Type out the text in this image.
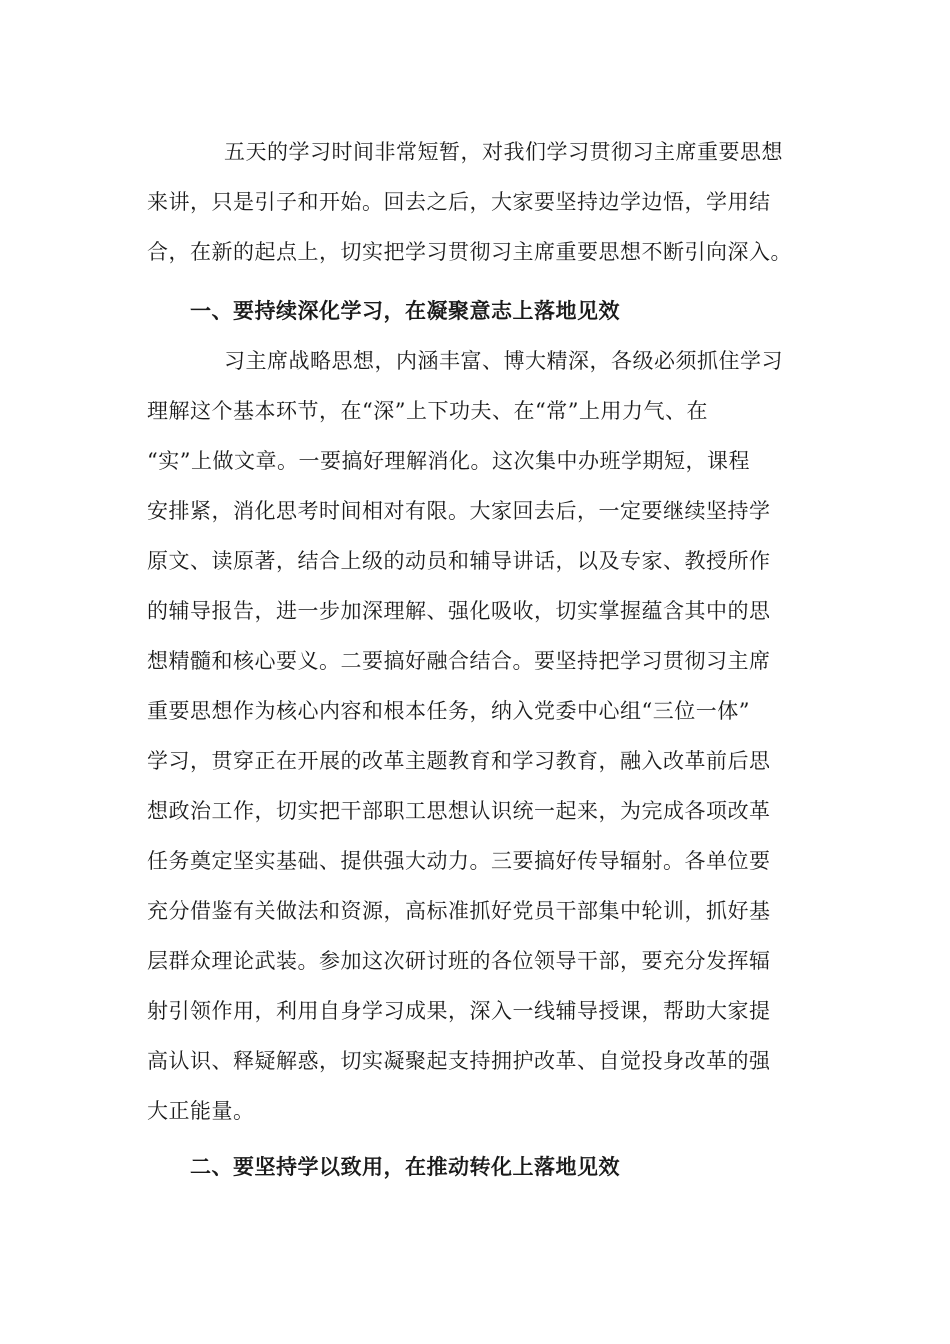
五天的学习时间非常短暂，对我们学习贯彻习主席重要思想
来讲，只是引子和开始。回去之后，大家要坚持边学边悟，学用结
合，在新的起点上，切实把学习贯彻习主席重要思想不断引向深入。
一、要持续深化学习，在凝聚意志上落地见效
习主席战略思想，内涵丰富、博大精深，各级必须抓住学习
理解这个基本环节，在“深”上下功夫、在“常”上用力气、在
“实”上做文章。一要搞好理解消化。这次集中办班学期短，课程
安排紧，消化思考时间相对有限。大家回去后，一定要继续坚持学
原文、读原著，结合上级的动员和辅导讲话，以及专家、教授所作
的辅导报告，进一步加深理解、强化吸收，切实掌握蕴含其中的思
想精髓和核心要义。二要搞好融合结合。要坚持把学习贯彻习主席
重要思想作为核心内容和根本任务，纳入党委中心组“三位一体”
学习，贯穿正在开展的改革主题教育和学习教育，融入改革前后思
想政治工作，切实把干部职工思想认识统一起来，为完成各项改革
任务奠定坚实基础、提供强大动力。三要搞好传导辐射。各单位要
充分借鉴有关做法和资源，高标准抓好党员干部集中轮训，抓好基
层群众理论武装。参加这次研讨班的各位领导干部，要充分发挥辐
射引领作用，利用自身学习成果，深入一线辅导授课，帮助大家提
高认识、释疑解惑，切实凝聚起支持拥护改革、自觉投身改革的强
大正能量。
二、要坚持学以致用，在推动转化上落地见效
